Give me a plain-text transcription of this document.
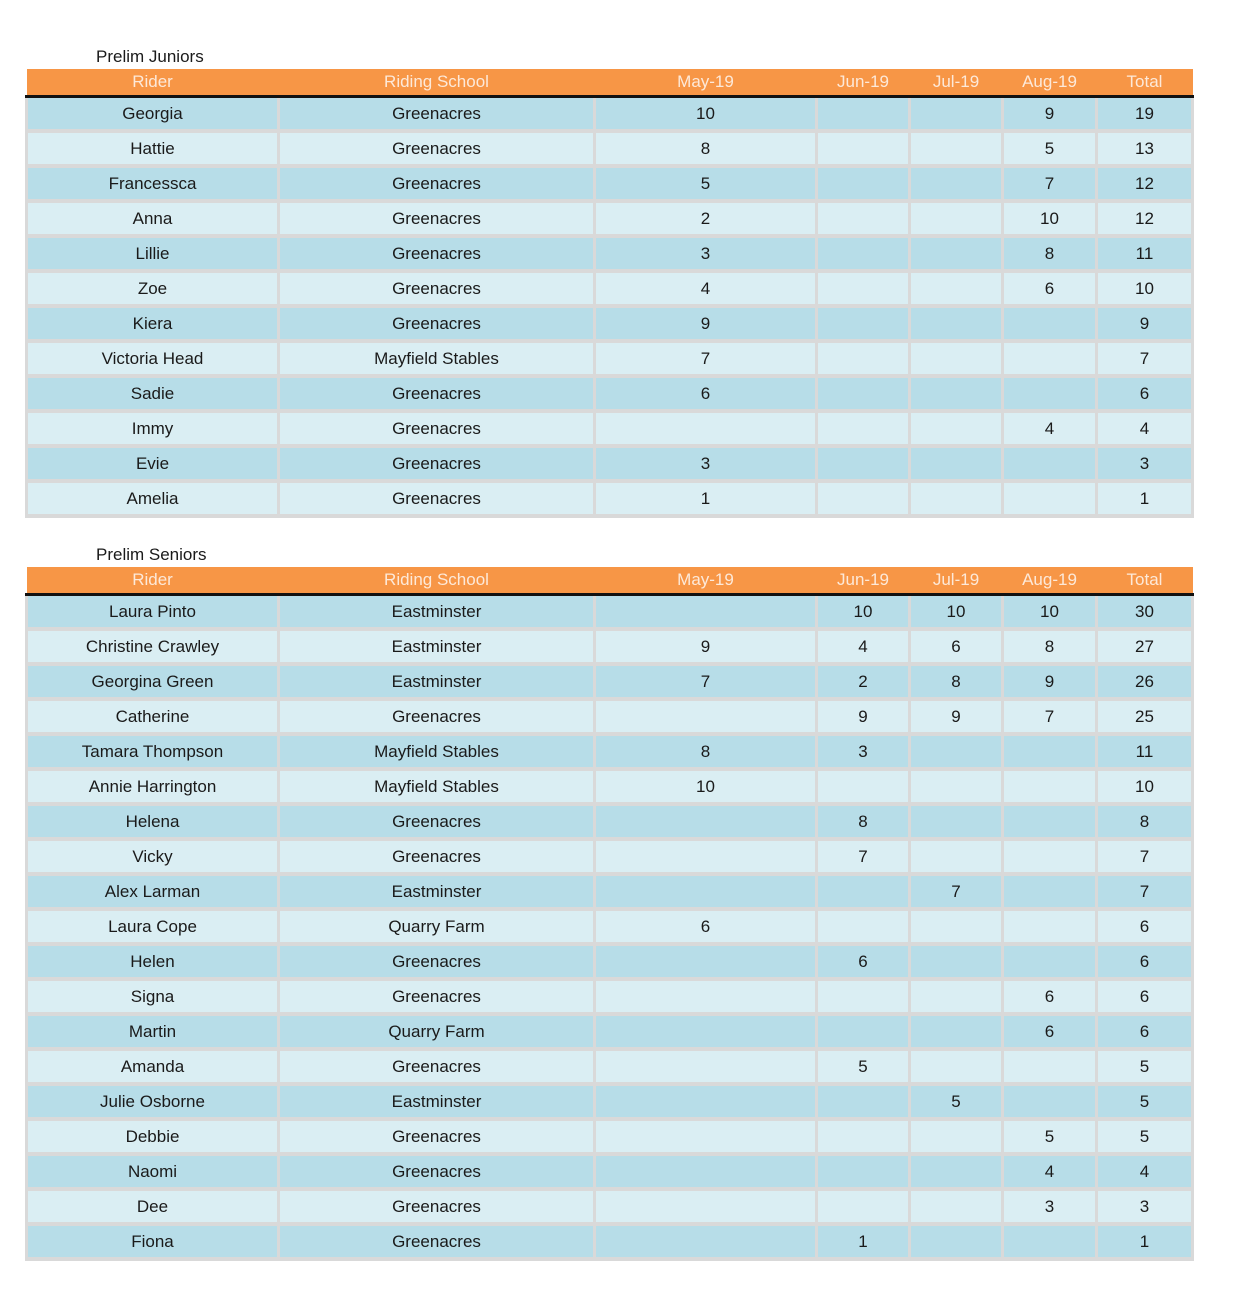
Prelim Juniors
Rider	Riding School	May-19	Jun-19	Jul-19	Aug-19	Total
Georgia	Greenacres	10			9	19
Hattie	Greenacres	8			5	13
Francessca	Greenacres	5			7	12
Anna	Greenacres	2			10	12
Lillie	Greenacres	3			8	11
Zoe	Greenacres	4			6	10
Kiera	Greenacres	9				9
Victoria Head	Mayfield Stables	7				7
Sadie	Greenacres	6				6
Immy	Greenacres				4	4
Evie	Greenacres	3				3
Amelia	Greenacres	1				1
Prelim Seniors
Rider	Riding School	May-19	Jun-19	Jul-19	Aug-19	Total
Laura Pinto	Eastminster		10	10	10	30
Christine Crawley	Eastminster	9	4	6	8	27
Georgina Green	Eastminster	7	2	8	9	26
Catherine	Greenacres		9	9	7	25
Tamara Thompson	Mayfield Stables	8	3			11
Annie Harrington	Mayfield Stables	10				10
Helena	Greenacres		8			8
Vicky	Greenacres		7			7
Alex Larman	Eastminster			7		7
Laura Cope	Quarry Farm	6				6
Helen	Greenacres		6			6
Signa	Greenacres				6	6
Martin	Quarry Farm				6	6
Amanda	Greenacres		5			5
Julie Osborne	Eastminster			5		5
Debbie	Greenacres				5	5
Naomi	Greenacres				4	4
Dee	Greenacres				3	3
Fiona	Greenacres		1			1
